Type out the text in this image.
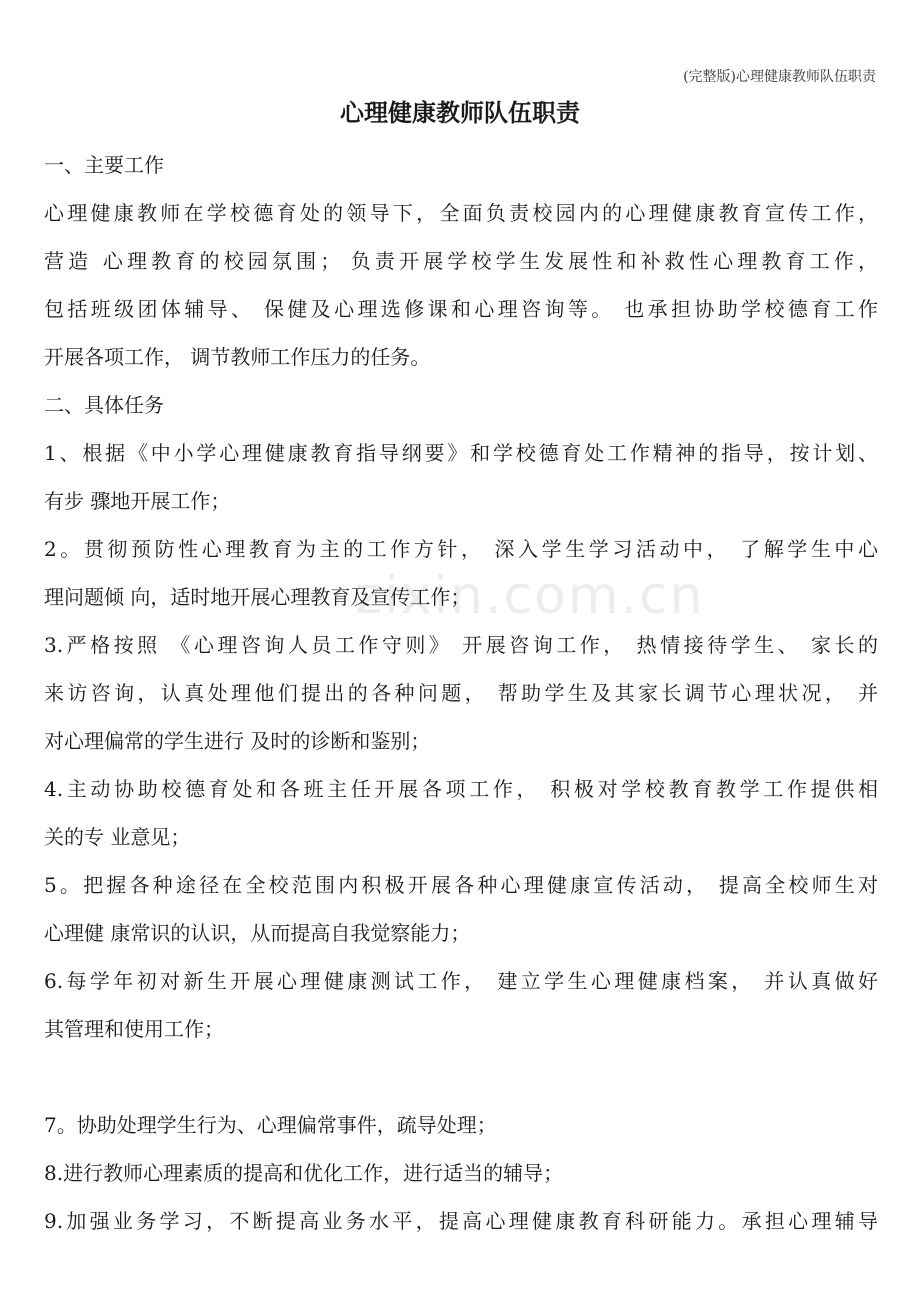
(完整版)心理健康教师队伍职责
心理健康教师队伍职责
zixin.com.cn
一、主要工作
心理健康教师在学校德育处的领导下，全面负责校园内的心理健康教育宣传工作，
营造 心理教育的校园氛围； 负责开展学校学生发展性和补救性心理教育工作，
包括班级团体辅导、 保健及心理选修课和心理咨询等。 也承担协助学校德育工作
开展各项工作， 调节教师工作压力的任务。
二、具体任务
1、根据《中小学心理健康教育指导纲要》和学校德育处工作精神的指导，按计划、
有步 骤地开展工作；
2。贯彻预防性心理教育为主的工作方针， 深入学生学习活动中， 了解学生中心
理问题倾 向，适时地开展心理教育及宣传工作；
3.严格按照 《心理咨询人员工作守则》 开展咨询工作， 热情接待学生、 家长的
来访咨询，认真处理他们提出的各种问题， 帮助学生及其家长调节心理状况， 并
对心理偏常的学生进行 及时的诊断和鉴别；
4.主动协助校德育处和各班主任开展各项工作， 积极对学校教育教学工作提供相
关的专 业意见；
5。把握各种途径在全校范围内积极开展各种心理健康宣传活动， 提高全校师生对
心理健 康常识的认识，从而提高自我觉察能力；
6.每学年初对新生开展心理健康测试工作， 建立学生心理健康档案， 并认真做好
其管理和使用工作；
7。协助处理学生行为、心理偏常事件，疏导处理；
8.进行教师心理素质的提高和优化工作，进行适当的辅导；
9.加强业务学习，不断提高业务水平，提高心理健康教育科研能力。承担心理辅导
